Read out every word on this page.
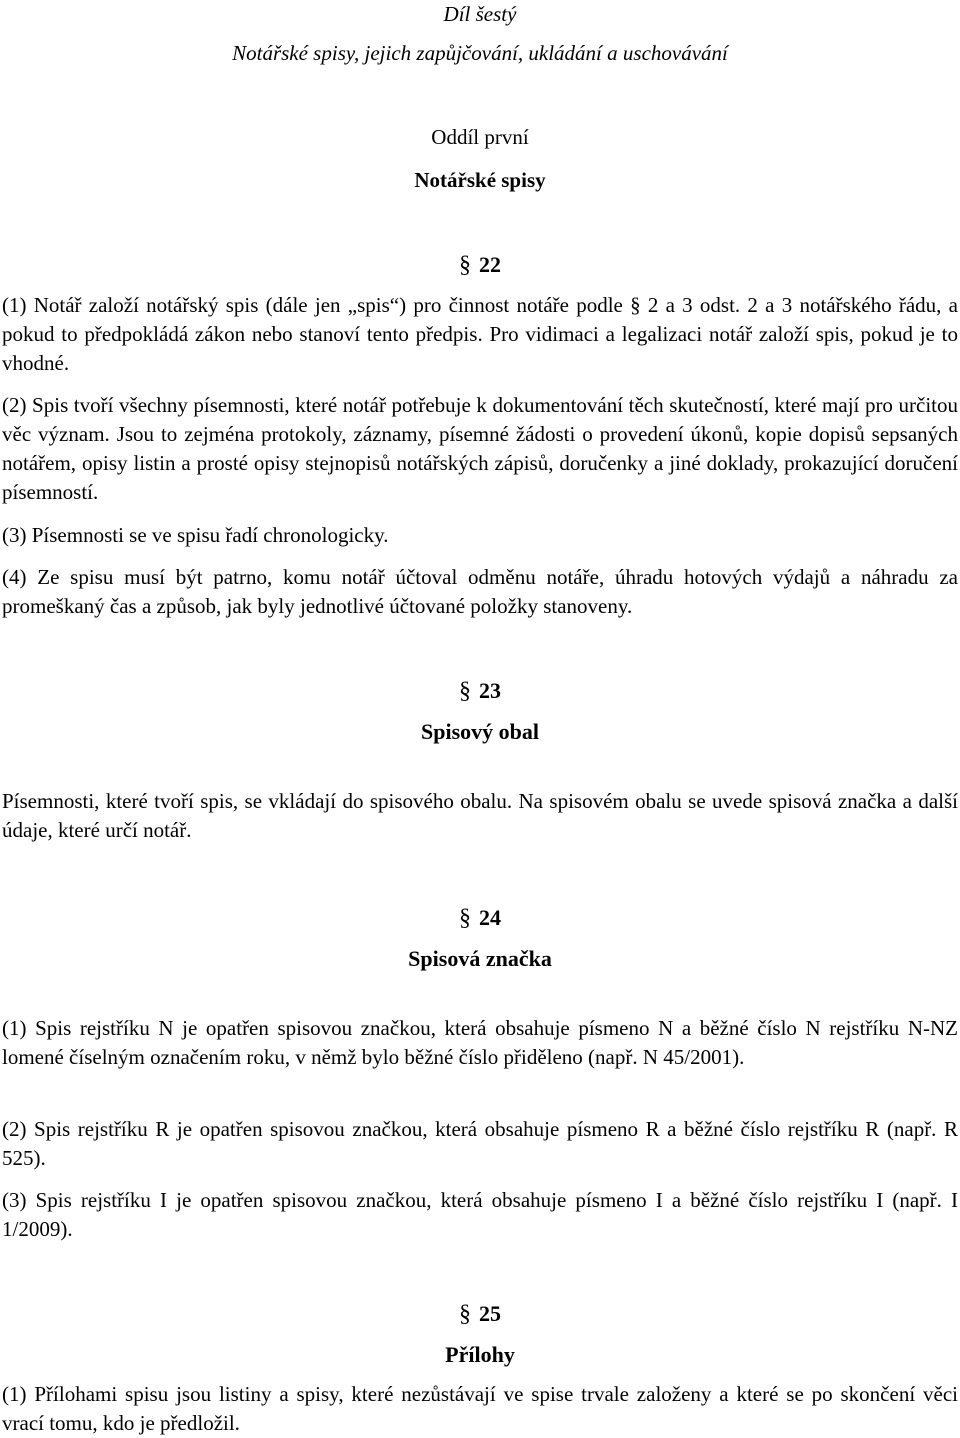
Díl šestý

Notářské spisy, jejich zapůjčování, ukládání a uschovávání

Oddíl první

Notářské spisy

§ 22

(1) Notář založí notářský spis (dále jen „spis“) pro činnost notáře podle § 2 a 3 odst. 2 a 3 notářského řádu, a pokud to předpokládá zákon nebo stanoví tento předpis. Pro vidimaci a legalizaci notář založí spis, pokud je to vhodné.

(2) Spis tvoří všechny písemnosti, které notář potřebuje k dokumentování těch skutečností, které mají pro určitou věc význam. Jsou to zejména protokoly, záznamy, písemné žádosti o provedení úkonů, kopie dopisů sepsaných notářem, opisy listin a prosté opisy stejnopisů notářských zápisů, doručenky a jiné doklady, prokazující doručení písemností.

(3) Písemnosti se ve spisu řadí chronologicky.

(4) Ze spisu musí být patrno, komu notář účtoval odměnu notáře, úhradu hotových výdajů a náhradu za promeškaný čas a způsob, jak byly jednotlivé účtované položky stanoveny.

§ 23

Spisový obal

Písemnosti, které tvoří spis, se vkládají do spisového obalu. Na spisovém obalu se uvede spisová značka a další údaje, které určí notář.

§ 24

Spisová značka

(1) Spis rejstříku N je opatřen spisovou značkou, která obsahuje písmeno N a běžné číslo N rejstříku N-NZ lomené číselným označením roku, v němž bylo běžné číslo přiděleno (např. N 45/2001).

(2) Spis rejstříku R je opatřen spisovou značkou, která obsahuje písmeno R a běžné číslo rejstříku R (např. R 525).

(3) Spis rejstříku I je opatřen spisovou značkou, která obsahuje písmeno I a běžné číslo rejstříku I (např. I 1/2009).

§ 25

Přílohy

(1) Přílohami spisu jsou listiny a spisy, které nezůstávají ve spise trvale založeny a které se po skončení věci vrací tomu, kdo je předložil.
